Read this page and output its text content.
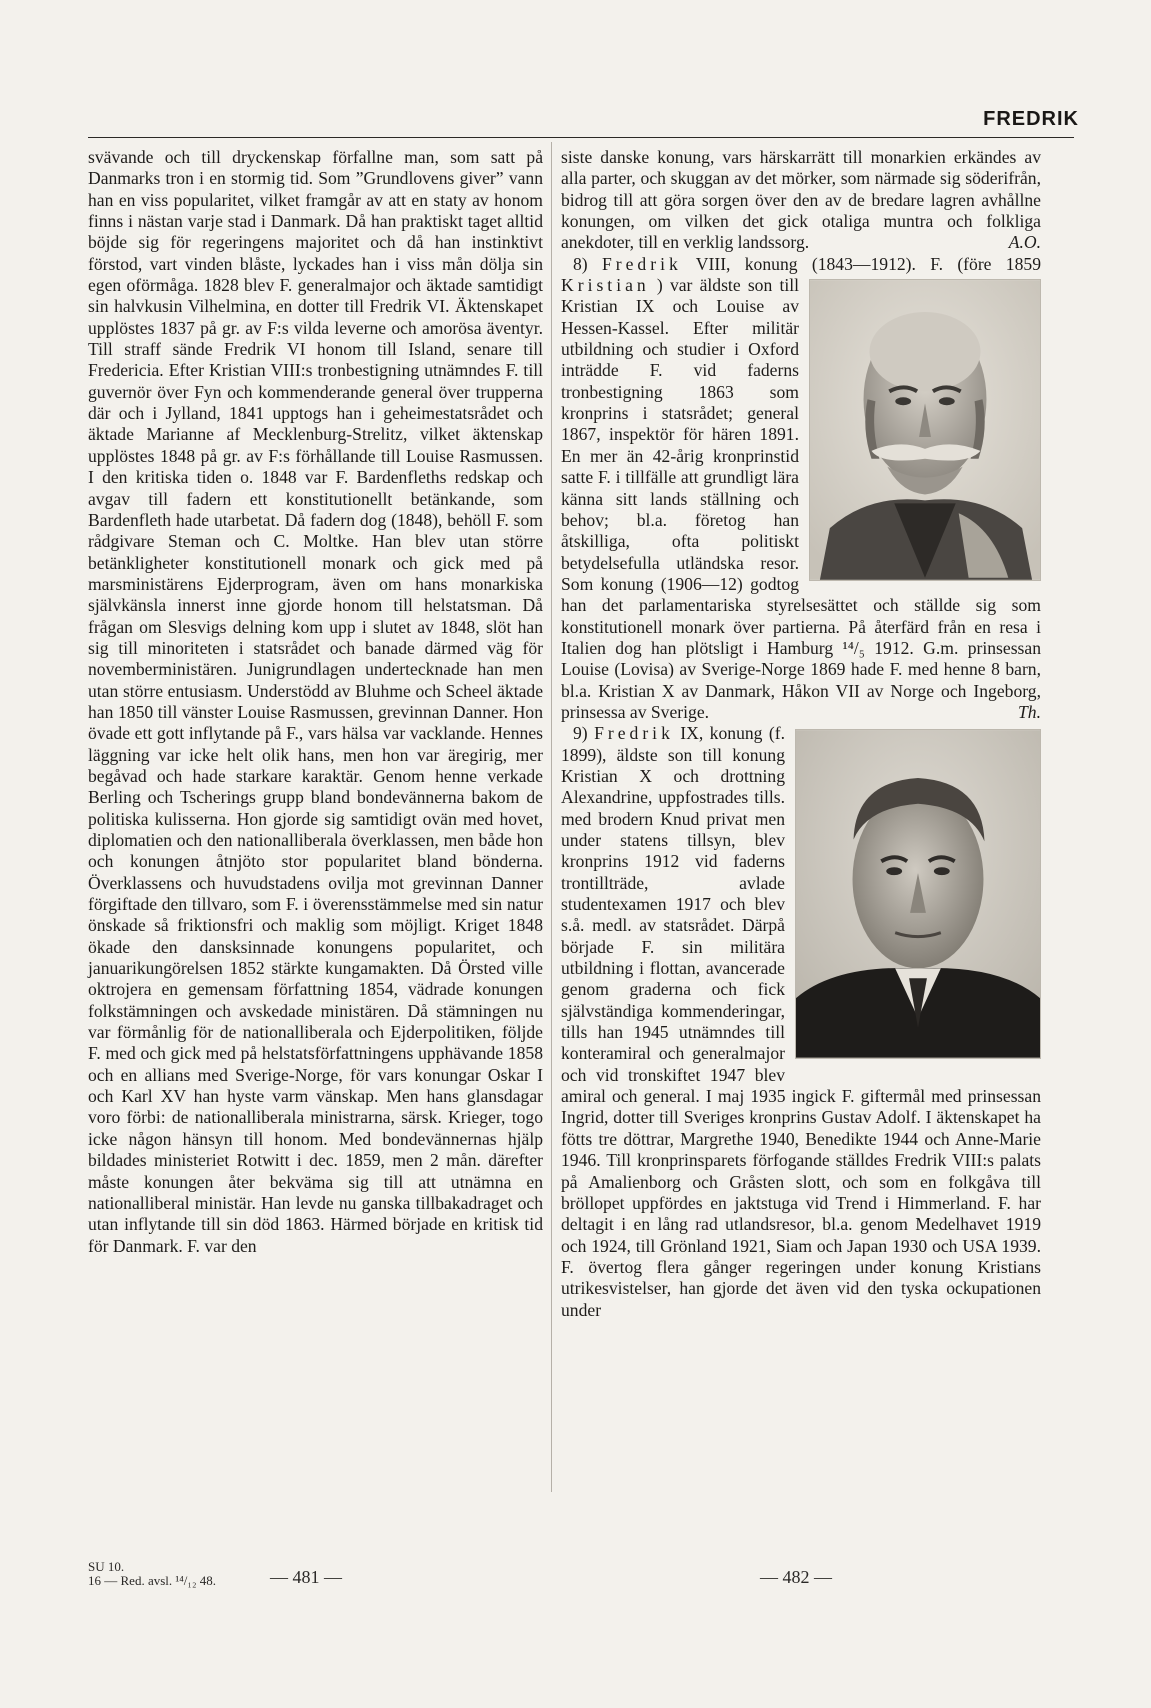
FREDRIK

svävande och till dryckenskap förfallne man, som satt på Danmarks tron i en stormig tid. Som ”Grundlovens giver” vann han en viss popularitet, vilket framgår av att en staty av honom finns i nästan varje stad i Danmark. Då han praktiskt taget alltid böjde sig för regeringens majoritet och då han instinktivt förstod, vart vinden blåste, lyckades han i viss mån dölja sin egen oförmåga. 1828 blev F. generalmajor och äktade samtidigt sin halvkusin Vilhelmina, en dotter till Fredrik VI. Äktenskapet upplöstes 1837 på gr. av F:s vilda leverne och amorösa äventyr. Till straff sände Fredrik VI honom till Island, senare till Fredericia. Efter Kristian VIII:s tronbestigning utnämndes F. till guvernör över Fyn och kommenderande general över trupperna där och i Jylland, 1841 upptogs han i geheimestatsrådet och äktade Marianne af Mecklenburg-Strelitz, vilket äktenskap upplöstes 1848 på gr. av F:s förhållande till Louise Rasmussen. I den kritiska tiden o. 1848 var F. Bardenfleths redskap och avgav till fadern ett konstitutionellt betänkande, som Bardenfleth hade utarbetat. Då fadern dog (1848), behöll F. som rådgivare Steman och C. Moltke. Han blev utan större betänkligheter konstitutionell monark och gick med på marsministärens Ejderprogram, även om hans monarkiska självkänsla innerst inne gjorde honom till helstatsman. Då frågan om Slesvigs delning kom upp i slutet av 1848, slöt han sig till minoriteten i statsrådet och banade därmed väg för novemberministären. Junigrundlagen undertecknade han men utan större entusiasm. Understödd av Bluhme och Scheel äktade han 1850 till vänster Louise Rasmussen, grevinnan Danner. Hon övade ett gott inflytande på F., vars hälsa var vacklande. Hennes läggning var icke helt olik hans, men hon var äregirig, mer begåvad och hade starkare karaktär. Genom henne verkade Berling och Tscherings grupp bland bondevännerna bakom de politiska kulisserna. Hon gjorde sig samtidigt ovän med hovet, diplomatien och den nationalliberala överklassen, men både hon och konungen åtnjöto stor popularitet bland bönderna. Överklassens och huvudstadens ovilja mot grevinnan Danner förgiftade den tillvaro, som F. i överensstämmelse med sin natur önskade så friktionsfri och maklig som möjligt. Kriget 1848 ökade den dansksinnade konungens popularitet, och januarikungörelsen 1852 stärkte kungamakten. Då Örsted ville oktrojera en gemensam författning 1854, vädrade konungen folkstämningen och avskedade ministären. Då stämningen nu var förmånlig för de nationalliberala och Ejderpolitiken, följde F. med och gick med på helstatsförfattningens upphävande 1858 och en allians med Sverige-Norge, för vars konungar Oskar I och Karl XV han hyste varm vänskap. Men hans glansdagar voro förbi: de nationalliberala ministrarna, särsk. Krieger, togo icke någon hänsyn till honom. Med bondevännernas hjälp bildades ministeriet Rotwitt i dec. 1859, men 2 mån. därefter måste konungen åter bekväma sig till att utnämna en nationalliberal ministär. Han levde nu ganska tillbakadraget och utan inflytande till sin död 1863. Härmed började en kritisk tid för Danmark. F. var den

siste danske konung, vars härskarrätt till monarkien erkändes av alla parter, och skuggan av det mörker, som närmade sig söderifrån, bidrog till att göra sorgen över den av de bredare lagren avhållne konungen, om vilken det gick otaliga muntra och folkliga anekdoter, till en verklig landssorg.	A.O.

8) Fredrik VIII, konung (1843—1912). F. (före 1859 Kristian ) var äldste son till Kristian IX och Louise av Hessen-Kassel. Efter militär utbildning och studier i Oxford inträdde F. vid faderns tronbestigning 1863 som kronprins i statsrådet; general 1867, inspektör för hären 1891. En mer än 42-årig kronprinstid satte F. i tillfälle att grundligt lära känna sitt lands ställning och behov; bl.a. företog han åtskilliga, ofta politiskt betydelsefulla utländska resor. Som konung (1906—12) godtog han det parlamentariska styrelsesättet och ställde sig som konstitutionell monark över partierna. På återfärd från en resa i Italien dog han plötsligt i Hamburg ¹⁴/₅ 1912. G.m. prinsessan Louise (Lovisa) av Sverige-Norge 1869 hade F. med henne 8 barn, bl.a. Kristian X av Danmark, Håkon VII av Norge och Ingeborg, prinsessa av Sverige.	Th.

9) Fredrik IX, konung (f. 1899), äldste son till konung Kristian X och drottning Alexandrine, uppfostrades tills. med brodern Knud privat men under statens tillsyn, blev kronprins 1912 vid faderns trontillträde, avlade studentexamen 1917 och blev s.å. medl. av statsrådet. Därpå började F. sin militära utbildning i flottan, avancerade genom graderna och fick självständiga kommenderingar, tills han 1945 utnämndes till konteramiral och generalmajor och vid tronskiftet 1947 blev amiral och general. I maj 1935 ingick F. giftermål med prinsessan Ingrid, dotter till Sveriges kronprins Gustav Adolf. I äktenskapet ha fötts tre döttrar, Margrethe 1940, Benedikte 1944 och Anne-Marie 1946. Till kronprinsparets förfogande ställdes Fredrik VIII:s palats på Amalienborg och Gråsten slott, och som en folkgåva till bröllopet uppfördes en jaktstuga vid Trend i Himmerland. F. har deltagit i en lång rad utlandsresor, bl.a. genom Medelhavet 1919 och 1924, till Grönland 1921, Siam och Japan 1930 och USA 1939. F. övertog flera gånger regeringen under konung Kristians utrikesvistelser, han gjorde det även vid den tyska ockupationen under

SU 10.
16 — Red. avsl. ¹⁴/₁₂ 48.	— 481 —	— 482 —
